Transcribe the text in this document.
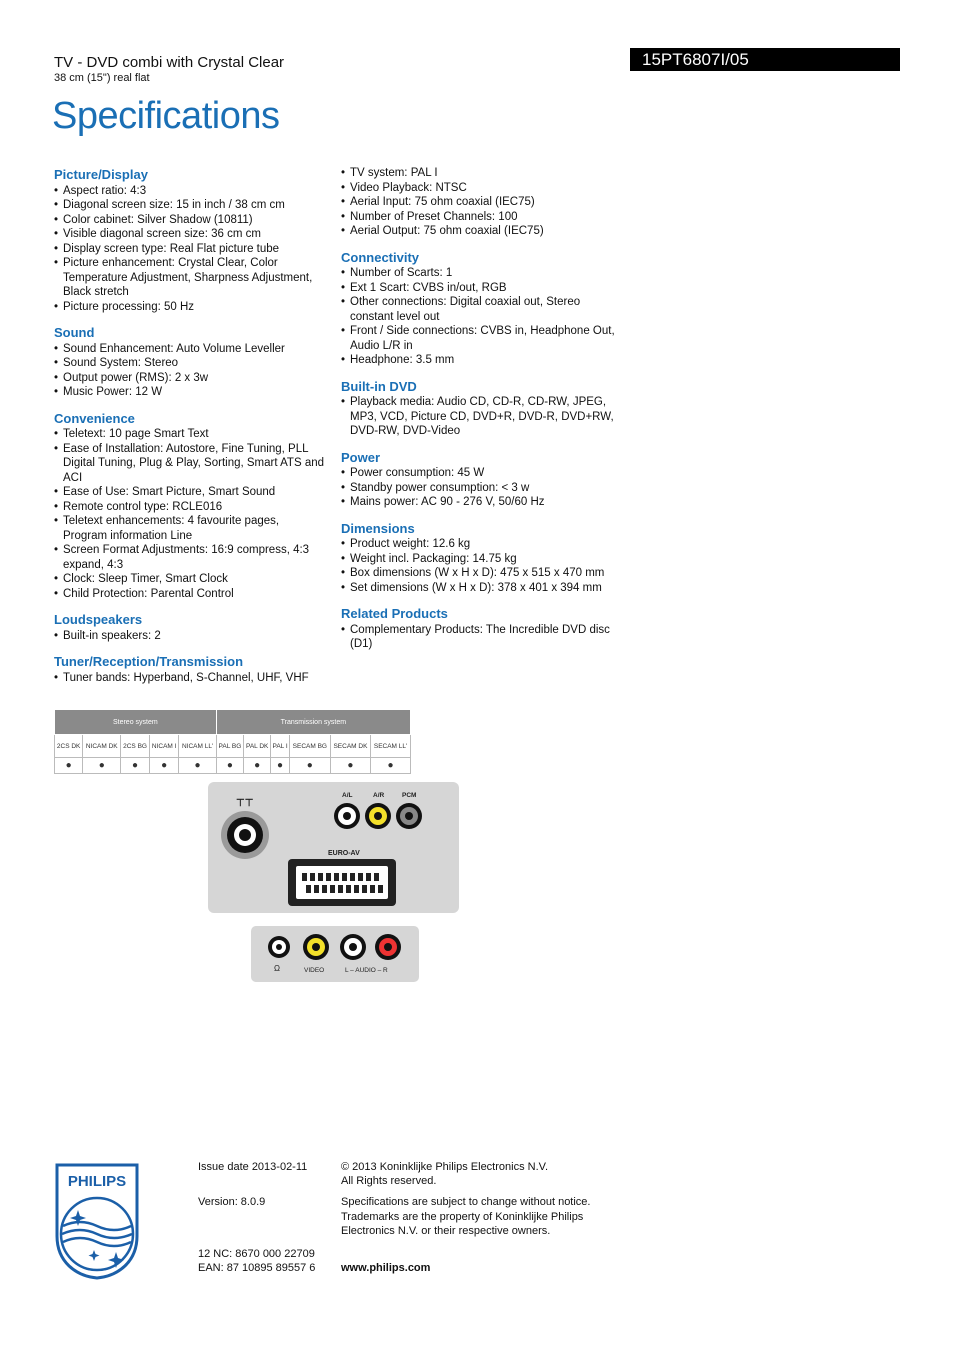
TV - DVD combi with Crystal Clear
38 cm (15") real flat
15PT6807I/05
Specifications
Picture/Display
• Aspect ratio: 4:3
• Diagonal screen size: 15 in inch / 38 cm cm
• Color cabinet: Silver Shadow (10811)
• Visible diagonal screen size: 36 cm cm
• Display screen type: Real Flat picture tube
• Picture enhancement: Crystal Clear, Color Temperature Adjustment, Sharpness Adjustment, Black stretch
• Picture processing: 50 Hz
Sound
• Sound Enhancement: Auto Volume Leveller
• Sound System: Stereo
• Output power (RMS): 2 x 3w
• Music Power: 12 W
Convenience
• Teletext: 10 page Smart Text
• Ease of Installation: Autostore, Fine Tuning, PLL Digital Tuning, Plug & Play, Sorting, Smart ATS and ACI
• Ease of Use: Smart Picture, Smart Sound
• Remote control type: RCLE016
• Teletext enhancements: 4 favourite pages, Program information Line
• Screen Format Adjustments: 16:9 compress, 4:3 expand, 4:3
• Clock: Sleep Timer, Smart Clock
• Child Protection: Parental Control
Loudspeakers
• Built-in speakers: 2
Tuner/Reception/Transmission
• Tuner bands: Hyperband, S-Channel, UHF, VHF
• TV system: PAL I
• Video Playback: NTSC
• Aerial Input: 75 ohm coaxial (IEC75)
• Number of Preset Channels: 100
• Aerial Output: 75 ohm coaxial (IEC75)
Connectivity
• Number of Scarts: 1
• Ext 1 Scart: CVBS in/out, RGB
• Other connections: Digital coaxial out, Stereo constant level out
• Front / Side connections: CVBS in, Headphone Out, Audio L/R in
• Headphone: 3.5 mm
Built-in DVD
• Playback media: Audio CD, CD-R, CD-RW, JPEG, MP3, VCD, Picture CD, DVD+R, DVD-R, DVD+RW, DVD-RW, DVD-Video
Power
• Power consumption: 45 W
• Standby power consumption: < 3 w
• Mains power: AC 90 - 276 V, 50/60 Hz
Dimensions
• Product weight: 12.6 kg
• Weight incl. Packaging: 14.75 kg
• Box dimensions (W x H x D): 475 x 515 x 470 mm
• Set dimensions (W x H x D): 378 x 401 x 394 mm
Related Products
• Complementary Products: The Incredible DVD disc (D1)
Stereo system					Transmission system					
2CS DK	NICAM DK	2CS BG	NICAM I	NICAM LL'	PAL BG	PAL DK	PAL I	SECAM BG	SECAM DK	SECAM LL'
●	●	●	●	●	●	●	●	●	●	●
⊤⊤
A/L	A/R	PCM
EURO-AV
Ω	VIDEO	L – AUDIO – R
PHILIPS
Issue date 2013-02-11
Version: 8.0.9
12 NC: 8670 000 22709
EAN: 87 10895 89557 6
© 2013 Koninklijke Philips Electronics N.V.
All Rights reserved.
Specifications are subject to change without notice. Trademarks are the property of Koninklijke Philips Electronics N.V. or their respective owners.
www.philips.com
